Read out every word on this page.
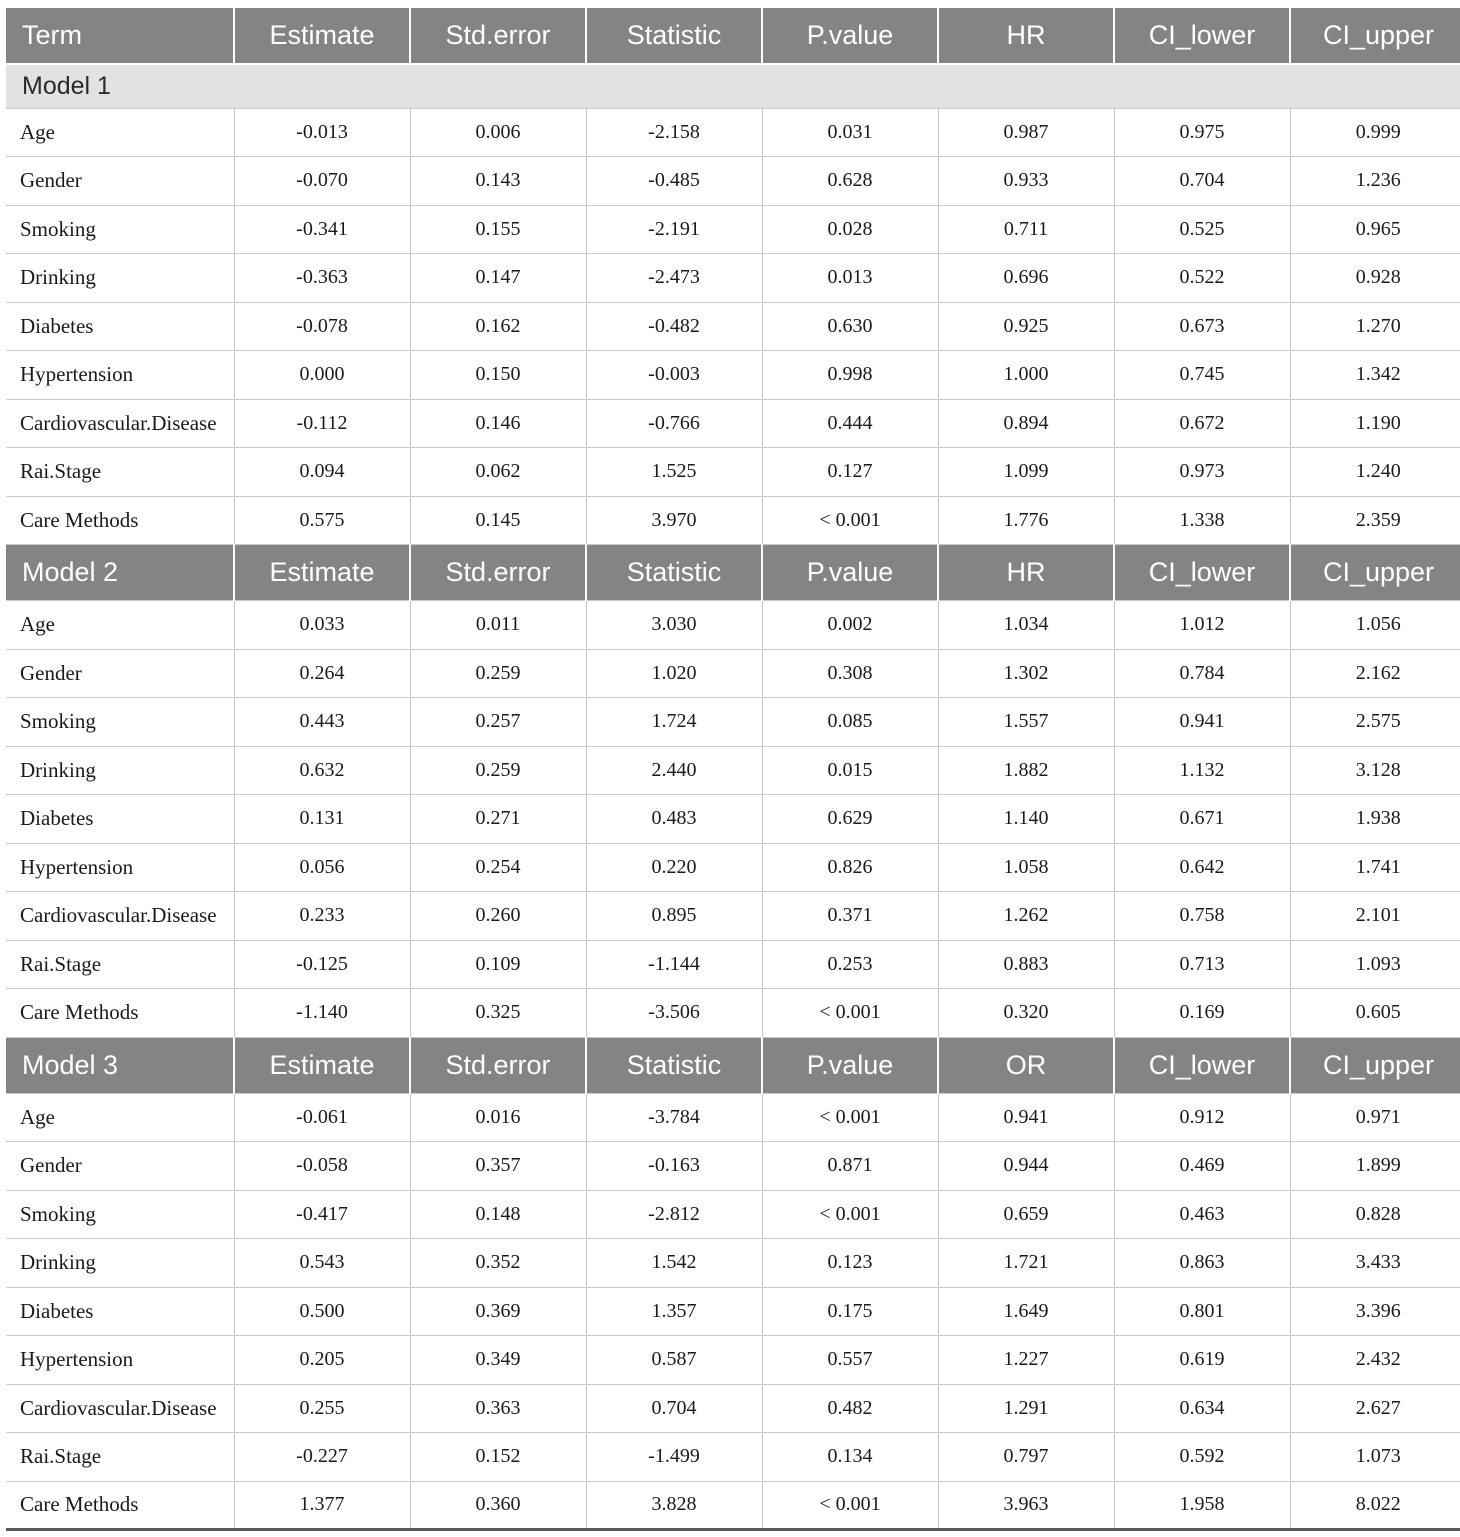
Term	Estimate	Std.error	Statistic	P.value	HR	CI_lower	CI_upper
Model 1							
Age	-0.013	0.006	-2.158	0.031	0.987	0.975	0.999
Gender	-0.070	0.143	-0.485	0.628	0.933	0.704	1.236
Smoking	-0.341	0.155	-2.191	0.028	0.711	0.525	0.965
Drinking	-0.363	0.147	-2.473	0.013	0.696	0.522	0.928
Diabetes	-0.078	0.162	-0.482	0.630	0.925	0.673	1.270
Hypertension	0.000	0.150	-0.003	0.998	1.000	0.745	1.342
Cardiovascular.Disease	-0.112	0.146	-0.766	0.444	0.894	0.672	1.190
Rai.Stage	0.094	0.062	1.525	0.127	1.099	0.973	1.240
Care Methods	0.575	0.145	3.970	< 0.001	1.776	1.338	2.359
Model 2	Estimate	Std.error	Statistic	P.value	HR	CI_lower	CI_upper
Age	0.033	0.011	3.030	0.002	1.034	1.012	1.056
Gender	0.264	0.259	1.020	0.308	1.302	0.784	2.162
Smoking	0.443	0.257	1.724	0.085	1.557	0.941	2.575
Drinking	0.632	0.259	2.440	0.015	1.882	1.132	3.128
Diabetes	0.131	0.271	0.483	0.629	1.140	0.671	1.938
Hypertension	0.056	0.254	0.220	0.826	1.058	0.642	1.741
Cardiovascular.Disease	0.233	0.260	0.895	0.371	1.262	0.758	2.101
Rai.Stage	-0.125	0.109	-1.144	0.253	0.883	0.713	1.093
Care Methods	-1.140	0.325	-3.506	< 0.001	0.320	0.169	0.605
Model 3	Estimate	Std.error	Statistic	P.value	OR	CI_lower	CI_upper
Age	-0.061	0.016	-3.784	< 0.001	0.941	0.912	0.971
Gender	-0.058	0.357	-0.163	0.871	0.944	0.469	1.899
Smoking	-0.417	0.148	-2.812	< 0.001	0.659	0.463	0.828
Drinking	0.543	0.352	1.542	0.123	1.721	0.863	3.433
Diabetes	0.500	0.369	1.357	0.175	1.649	0.801	3.396
Hypertension	0.205	0.349	0.587	0.557	1.227	0.619	2.432
Cardiovascular.Disease	0.255	0.363	0.704	0.482	1.291	0.634	2.627
Rai.Stage	-0.227	0.152	-1.499	0.134	0.797	0.592	1.073
Care Methods	1.377	0.360	3.828	< 0.001	3.963	1.958	8.022
